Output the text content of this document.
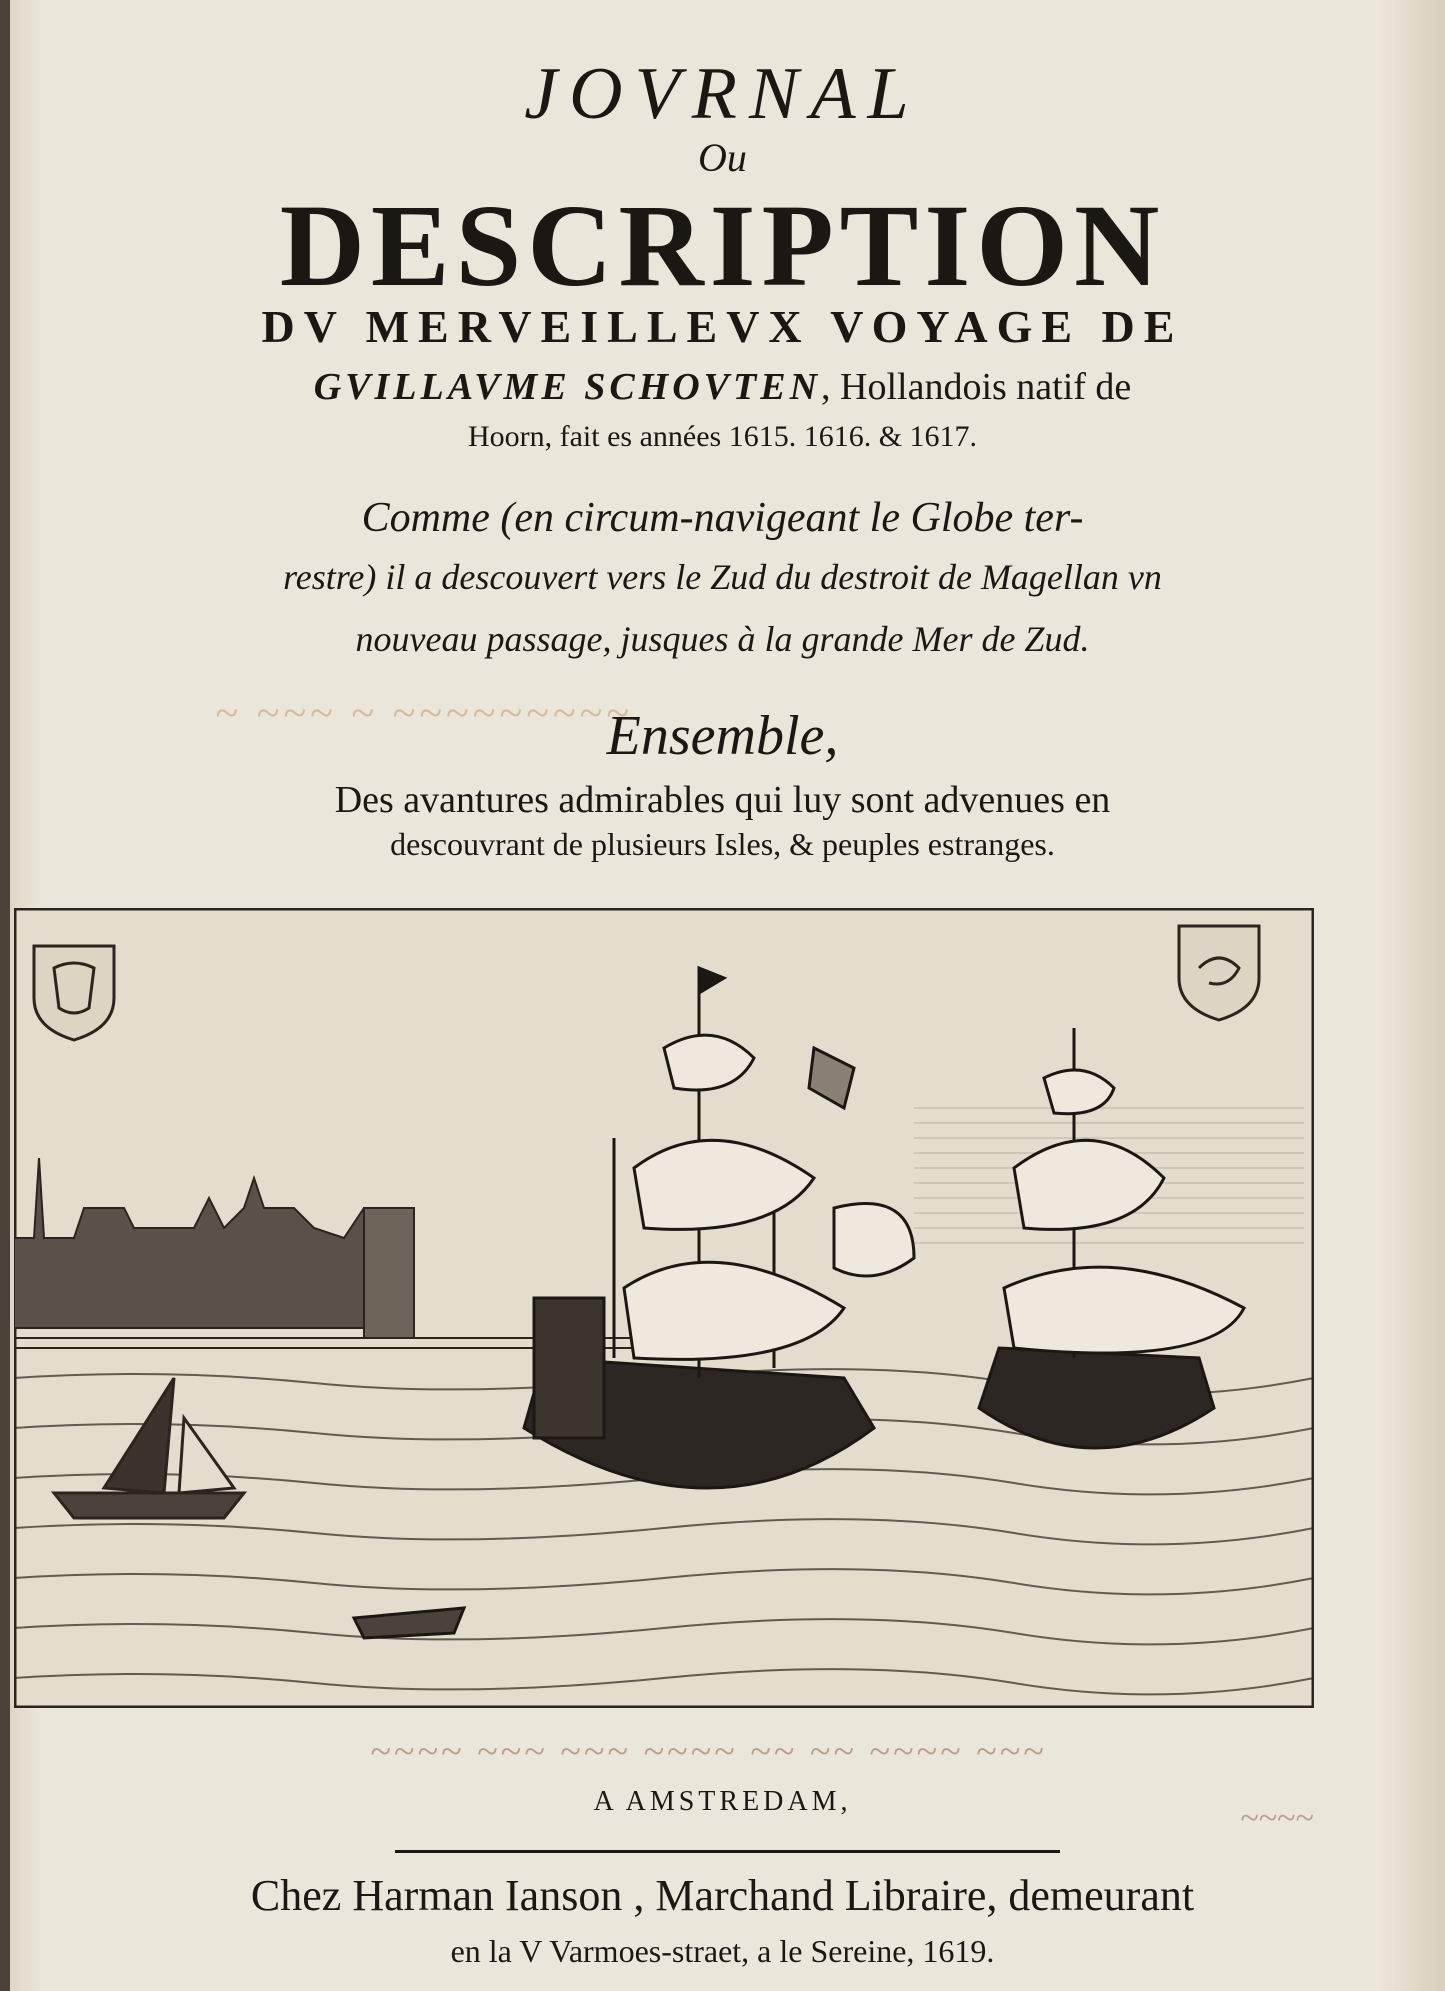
JOVRNAL
Ou
DESCRIPTION
DV MERVEILLEVX VOYAGE DE
GVILLAVME SCHOVTEN, Hollandois natif de
Hoorn, fait es années 1615. 1616. & 1617.
Comme (en circum-navigeant le Globe ter-
restre) il a descouvert vers le Zud du destroit de Magellan vn
nouveau passage, jusques à la grande Mer de Zud.
~ ~~~ ~ ~~~~~~~~~
Ensemble,
Des avantures admirables qui luy sont advenues en
descouvrant de plusieurs Isles, & peuples estranges.
~~~~ ~~~ ~~~ ~~~~ ~~ ~~ ~~~~ ~~~
~~~~
A AMSTREDAM,
Chez Harman Ianson , Marchand Libraire, demeurant
en la V Varmoes-straet, a le Sereine, 1619.
